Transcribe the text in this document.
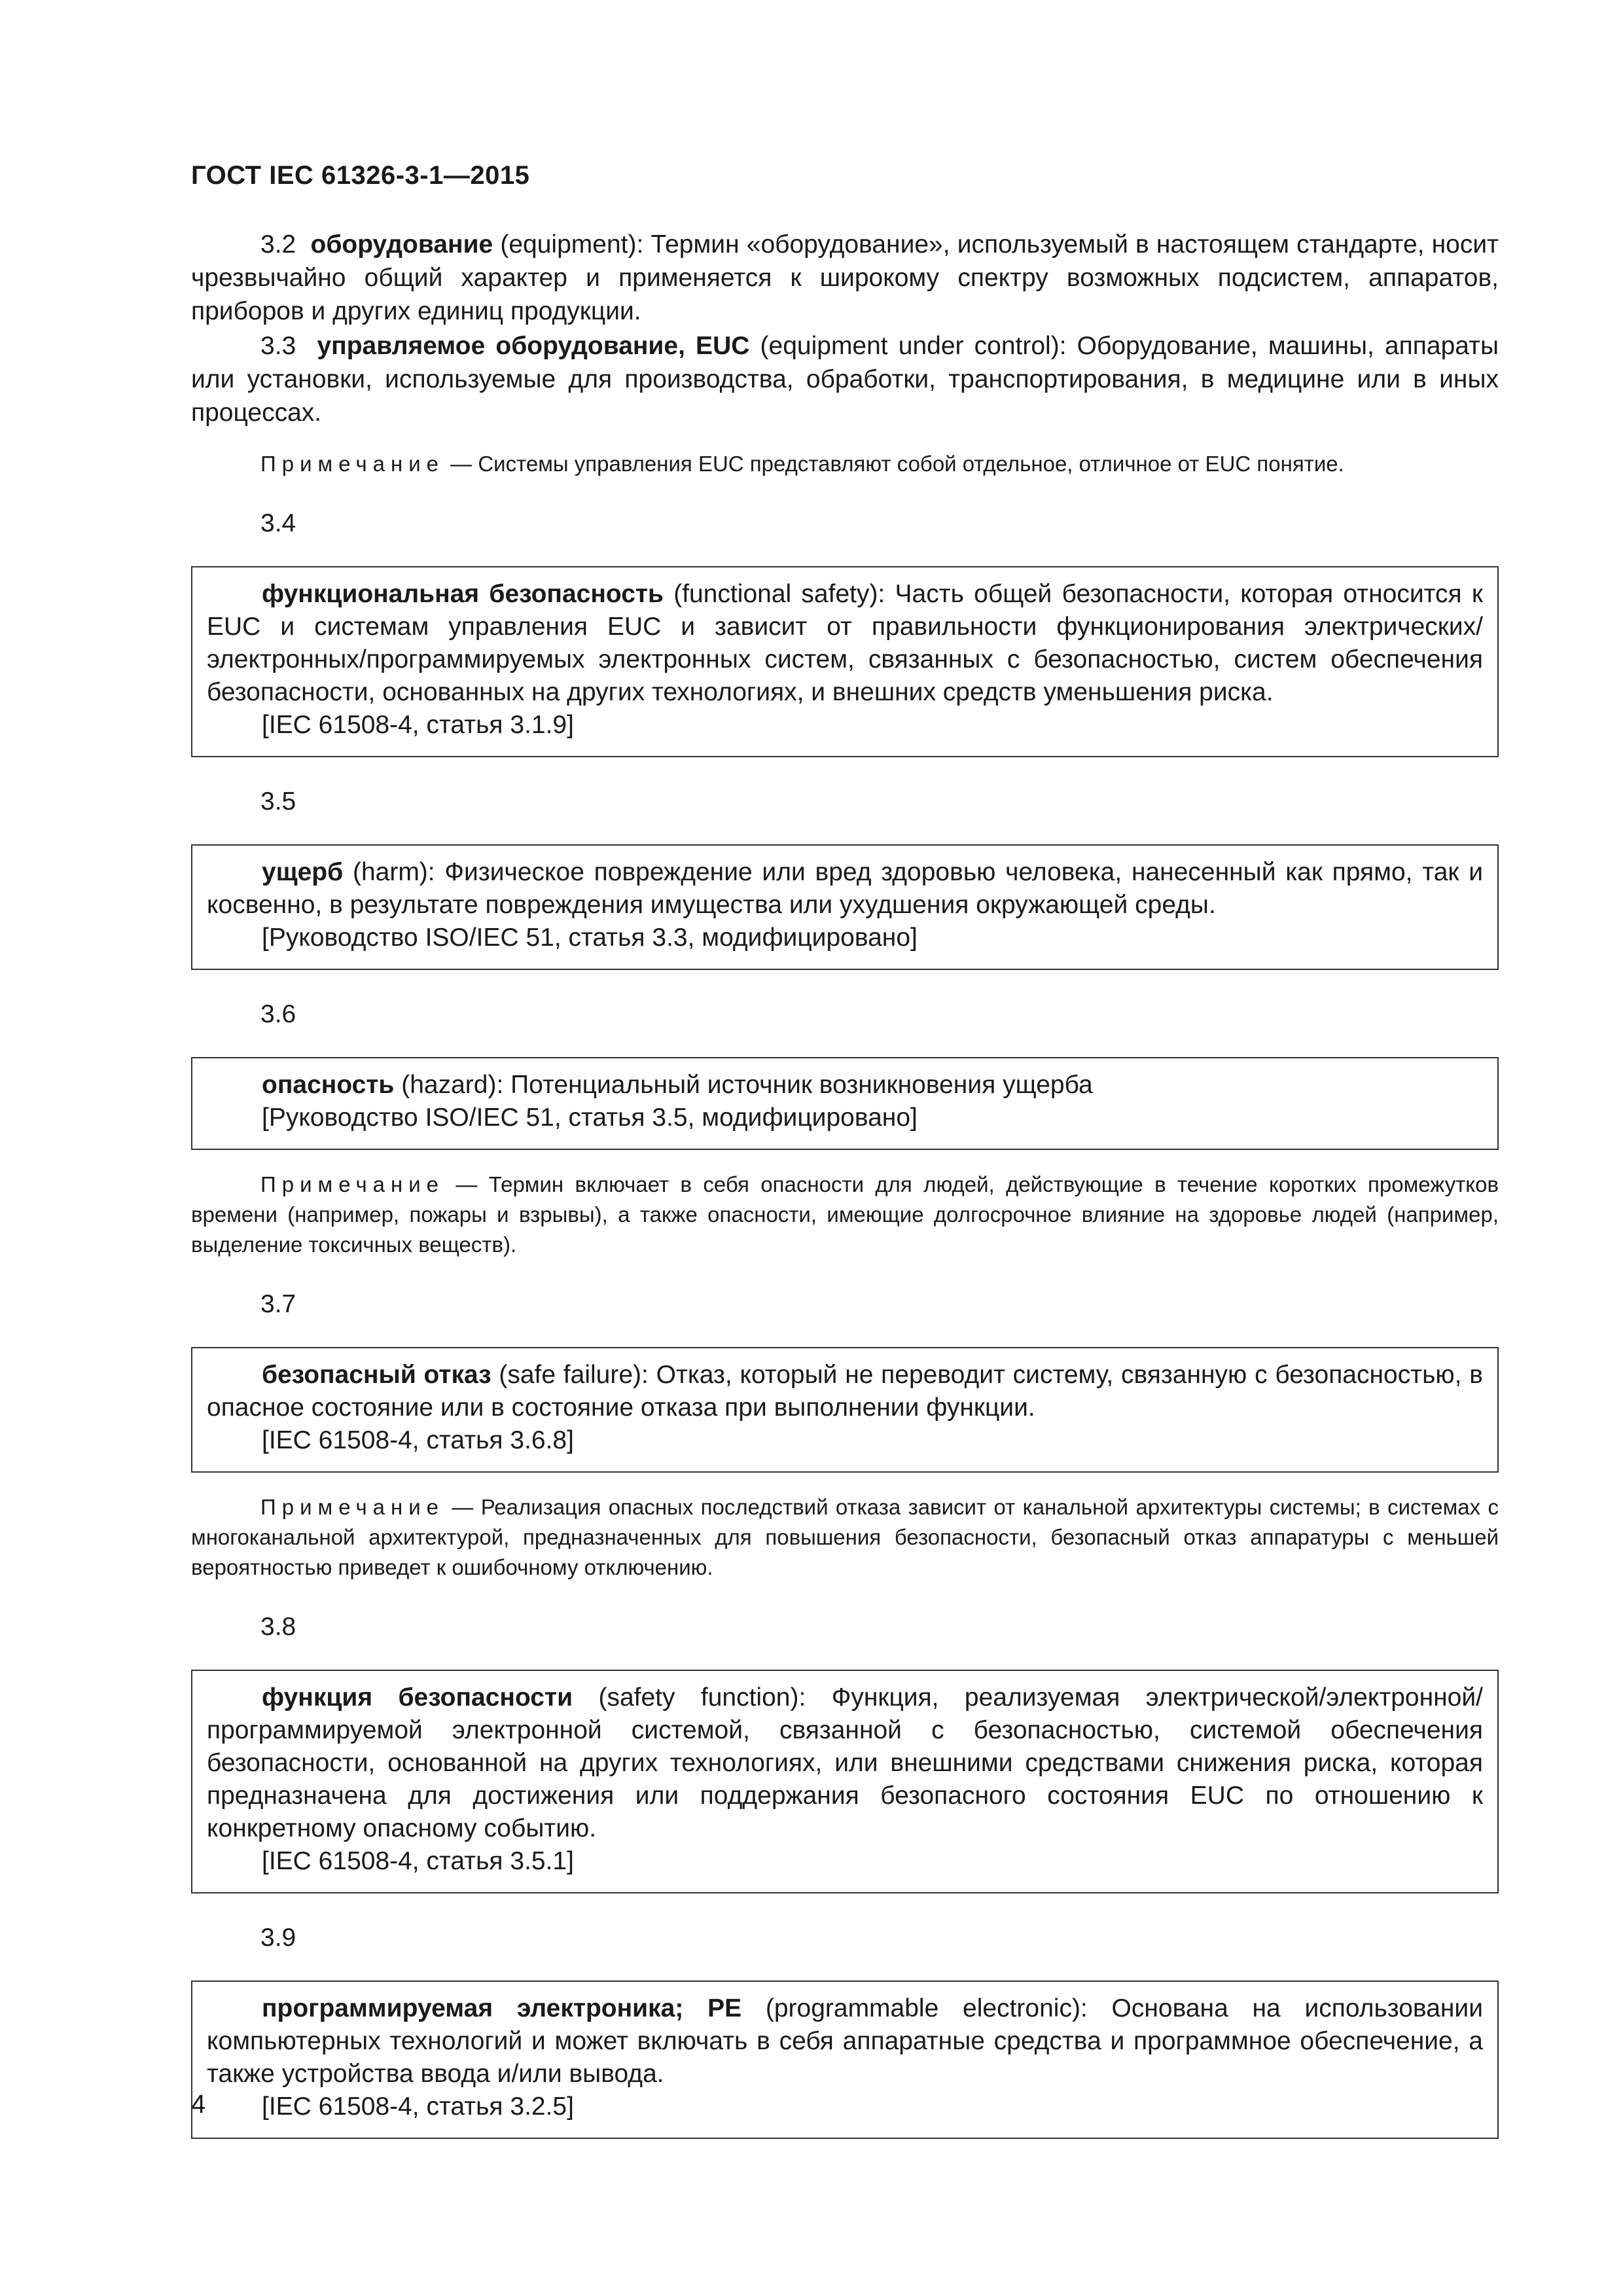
ГОСТ IEC 61326-3-1—2015

3.2 оборудование (equipment): Термин «оборудование», используемый в настоящем стандарте, носит чрезвычайно общий характер и применяется к широкому спектру возможных подсистем, аппаратов, приборов и других единиц продукции.

3.3 управляемое оборудование, EUC (equipment under control): Оборудование, машины, аппараты или установки, используемые для производства, обработки, транспортирования, в медицине или в иных процессах.

Примечание — Системы управления EUC представляют собой отдельное, отличное от EUC понятие.

3.4

функциональная безопасность (functional safety): Часть общей безопасности, которая относится к EUC и системам управления EUC и зависит от правильности функционирования электрических/электронных/программируемых электронных систем, связанных с безопасностью, систем обеспечения безопасности, основанных на других технологиях, и внешних средств уменьшения риска.

[IEC 61508-4, статья 3.1.9]

3.5

ущерб (harm): Физическое повреждение или вред здоровью человека, нанесенный как прямо, так и косвенно, в результате повреждения имущества или ухудшения окружающей среды.

[Руководство ISO/IEC 51, статья 3.3, модифицировано]

3.6

опасность (hazard): Потенциальный источник возникновения ущерба

[Руководство ISO/IEC 51, статья 3.5, модифицировано]

Примечание — Термин включает в себя опасности для людей, действующие в течение коротких промежутков времени (например, пожары и взрывы), а также опасности, имеющие долгосрочное влияние на здоровье людей (например, выделение токсичных веществ).

3.7

безопасный отказ (safe failure): Отказ, который не переводит систему, связанную с безопасностью, в опасное состояние или в состояние отказа при выполнении функции.

[IEC 61508-4, статья 3.6.8]

Примечание — Реализация опасных последствий отказа зависит от канальной архитектуры системы; в системах с многоканальной архитектурой, предназначенных для повышения безопасности, безопасный отказ аппаратуры с меньшей вероятностью приведет к ошибочному отключению.

3.8

функция безопасности (safety function): Функция, реализуемая электрической/электронной/ программируемой электронной системой, связанной с безопасностью, системой обеспечения безопасности, основанной на других технологиях, или внешними средствами снижения риска, которая предназначена для достижения или поддержания безопасного состояния EUC по отношению к конкретному опасному событию.

[IEC 61508-4, статья 3.5.1]

3.9

программируемая электроника; PE (programmable electronic): Основана на использовании компьютерных технологий и может включать в себя аппаратные средства и программное обеспечение, а также устройства ввода и/или вывода.

[IEC 61508-4, статья 3.2.5]

4
